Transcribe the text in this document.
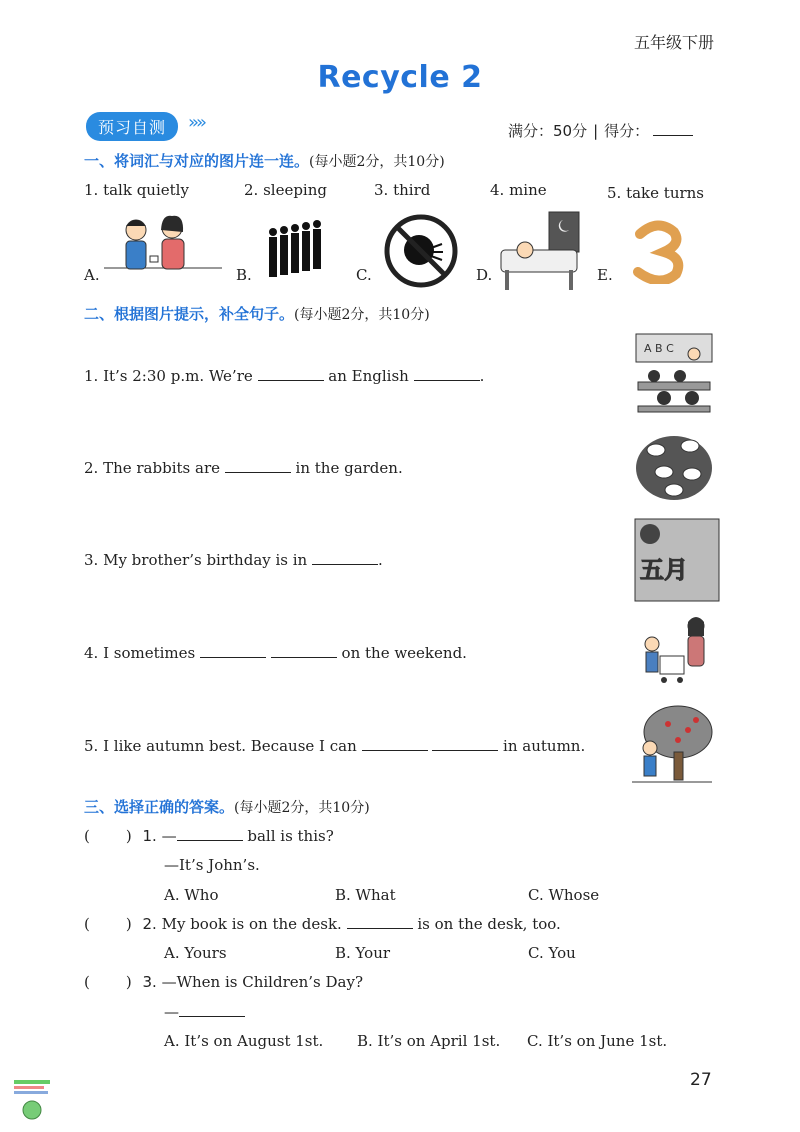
五年级下册
Recycle 2
预习自测	»»	满分：50分 | 得分：
一、将词汇与对应的图片连一连。(每小题2分，共10分)
1. talk quietly	2. sleeping	3. third	4. mine	5. take turns
A.	B.	C.	D.	E.
二、根据图片提示，补全句子。(每小题2分，共10分)
1. It’s 2:30 p.m. We’re	an English	.
2. The rabbits are	in the garden.
3. My brother’s birthday is in	.
4. I sometimes	on the weekend.
5. I like autumn best. Because I can	in autumn.
A B C
五月
三、选择正确的答案。(每小题2分，共10分)
( ) 1. —	ball is this?
—It’s John’s.
A. Who	B. What	C. Whose
( ) 2. My book is on the desk.	is on the desk, too.
A. Yours	B. Your	C. You
( ) 3. —When is Children’s Day?
—
A. It’s on August 1st. B. It’s on April 1st. C. It’s on June 1st.
27
